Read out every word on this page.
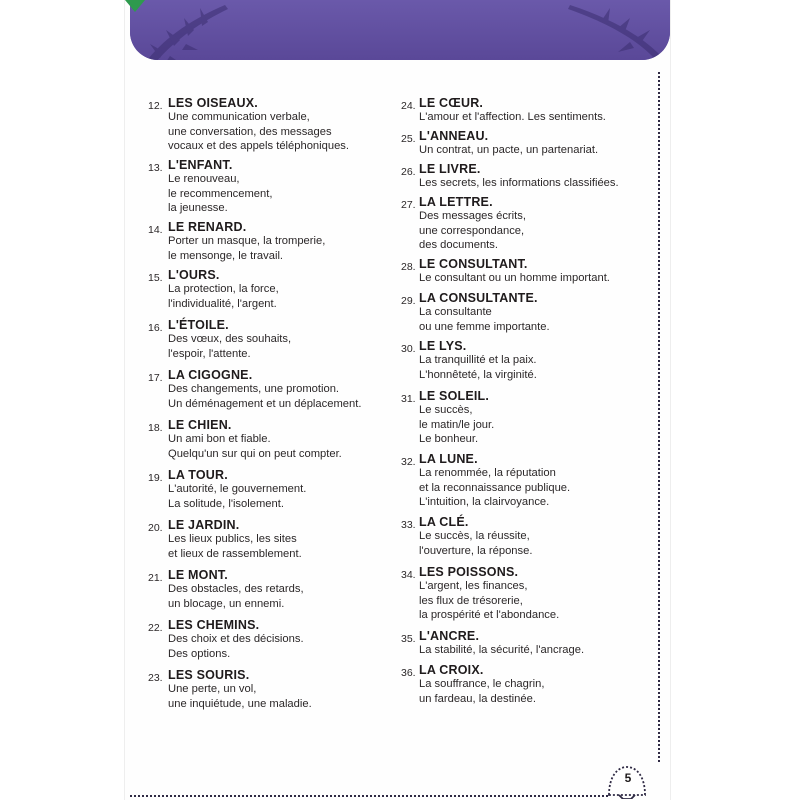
12. LES OISEAUX.
Une communication verbale,
une conversation, des messages
vocaux et des appels téléphoniques.
13. L'ENFANT.
Le renouveau,
le recommencement,
la jeunesse.
14. LE RENARD.
Porter un masque, la tromperie,
le mensonge, le travail.
15. L'OURS.
La protection, la force,
l'individualité, l'argent.
16. L'ÉTOILE.
Des vœux, des souhaits,
l'espoir, l'attente.
17. LA CIGOGNE.
Des changements, une promotion.
Un déménagement et un déplacement.
18. LE CHIEN.
Un ami bon et fiable.
Quelqu'un sur qui on peut compter.
19. LA TOUR.
L'autorité, le gouvernement.
La solitude, l'isolement.
20. LE JARDIN.
Les lieux publics, les sites
et lieux de rassemblement.
21. LE MONT.
Des obstacles, des retards,
un blocage, un ennemi.
22. LES CHEMINS.
Des choix et des décisions.
Des options.
23. LES SOURIS.
Une perte, un vol,
une inquiétude, une maladie.
24. LE CŒUR.
L'amour et l'affection. Les sentiments.
25. L'ANNEAU.
Un contrat, un pacte, un partenariat.
26. LE LIVRE.
Les secrets, les informations classifiées.
27. LA LETTRE.
Des messages écrits,
une correspondance,
des documents.
28. LE CONSULTANT.
Le consultant ou un homme important.
29. LA CONSULTANTE.
La consultante
ou une femme importante.
30. LE LYS.
La tranquillité et la paix.
L'honnêteté, la virginité.
31. LE SOLEIL.
Le succès,
le matin/le jour.
Le bonheur.
32. LA LUNE.
La renommée, la réputation
et la reconnaissance publique.
L'intuition, la clairvoyance.
33. LA CLÉ.
Le succès, la réussite,
l'ouverture, la réponse.
34. LES POISSONS.
L'argent, les finances,
les flux de trésorerie,
la prospérité et l'abondance.
35. L'ANCRE.
La stabilité, la sécurité, l'ancrage.
36. LA CROIX.
La souffrance, le chagrin,
un fardeau, la destinée.
5
